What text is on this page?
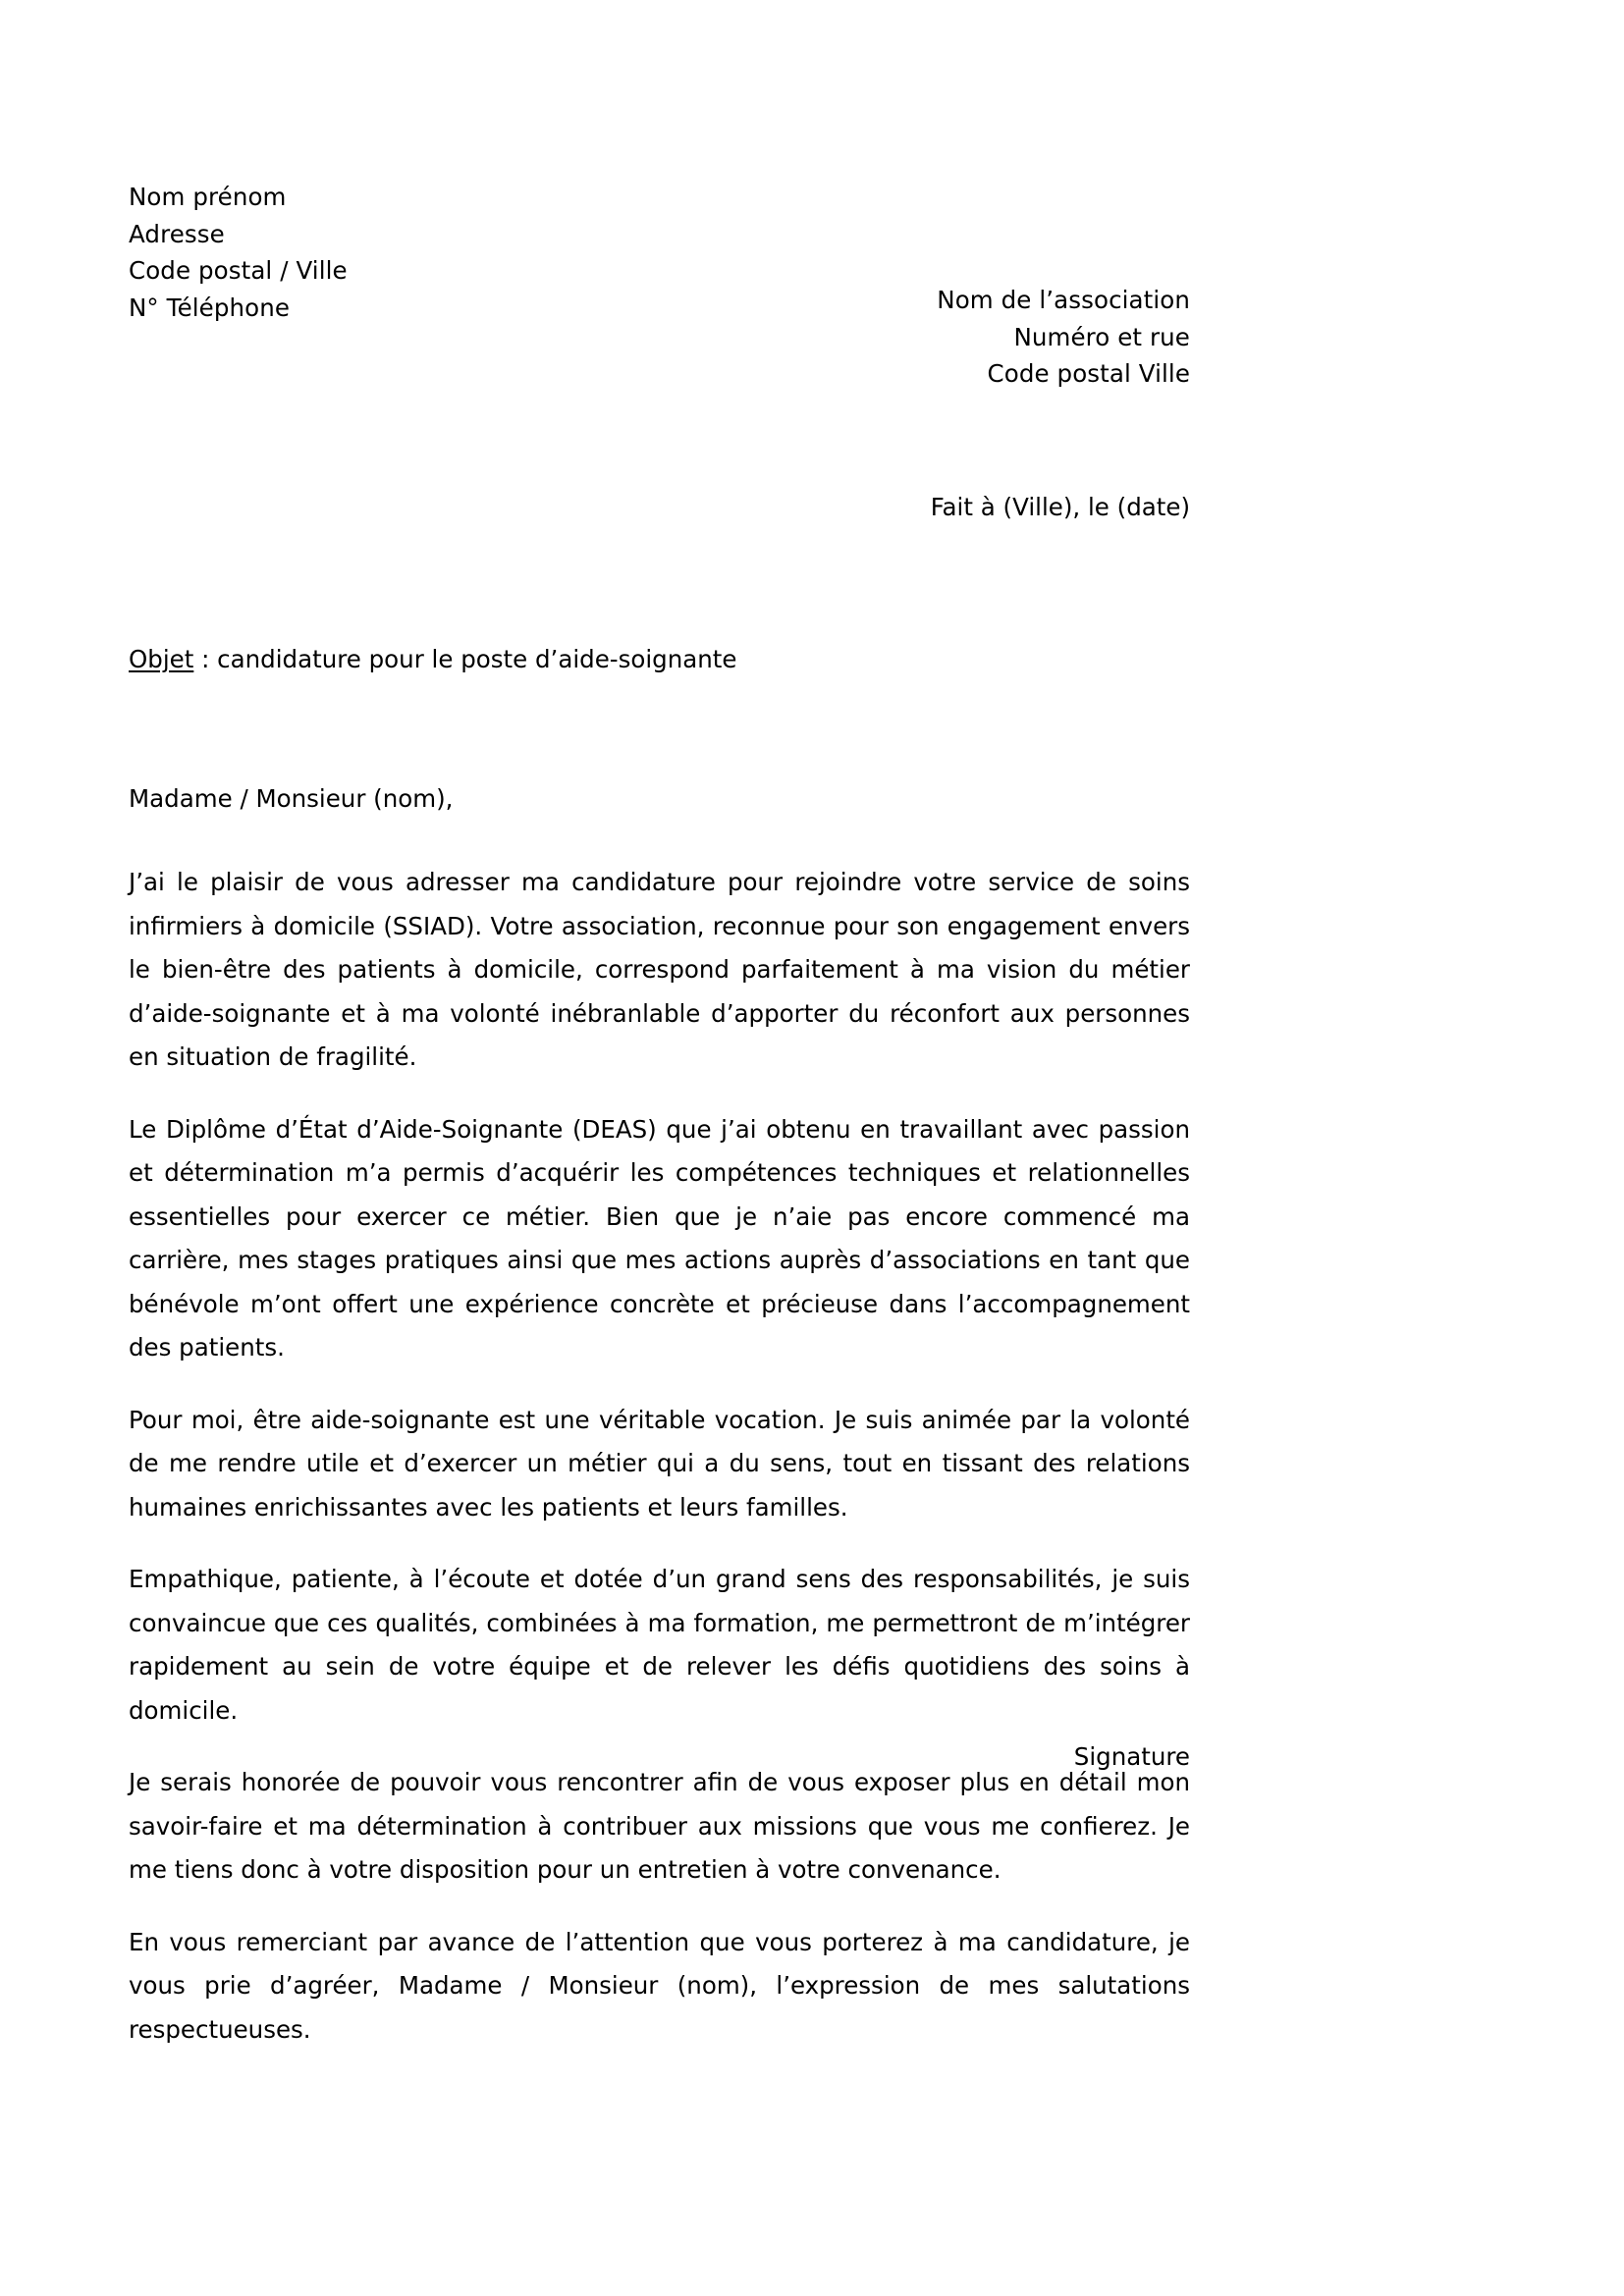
Nom prénom
Adresse
Code postal / Ville
N° Téléphone	Nom de l’association
Numéro et rue
Code postal Ville
Fait à (Ville), le (date)
Objet : candidature pour le poste d’aide-soignante
Madame / Monsieur (nom),

J’ai le plaisir de vous adresser ma candidature pour rejoindre votre service de soins infirmiers à domicile (SSIAD). Votre association, reconnue pour son engagement envers le bien-être des patients à domicile, correspond parfaitement à ma vision du métier d’aide-soignante et à ma volonté inébranlable d’apporter du réconfort aux personnes en situation de fragilité.

Le Diplôme d’État d’Aide-Soignante (DEAS) que j’ai obtenu en travaillant avec passion et détermination m’a permis d’acquérir les compétences techniques et relationnelles essentielles pour exercer ce métier. Bien que je n’aie pas encore commencé ma carrière, mes stages pratiques ainsi que mes actions auprès d’associations en tant que bénévole m’ont offert une expérience concrète et précieuse dans l’accompagnement des patients.

Pour moi, être aide-soignante est une véritable vocation. Je suis animée par la volonté de me rendre utile et d’exercer un métier qui a du sens, tout en tissant des relations humaines enrichissantes avec les patients et leurs familles.

Empathique, patiente, à l’écoute et dotée d’un grand sens des responsabilités, je suis convaincue que ces qualités, combinées à ma formation, me permettront de m’intégrer rapidement au sein de votre équipe et de relever les défis quotidiens des soins à domicile.

Je serais honorée de pouvoir vous rencontrer afin de vous exposer plus en détail mon savoir-faire et ma détermination à contribuer aux missions que vous me confierez. Je me tiens donc à votre disposition pour un entretien à votre convenance.

En vous remerciant par avance de l’attention que vous porterez à ma candidature, je vous prie d’agréer, Madame / Monsieur (nom), l’expression de mes salutations respectueuses.

Signature
